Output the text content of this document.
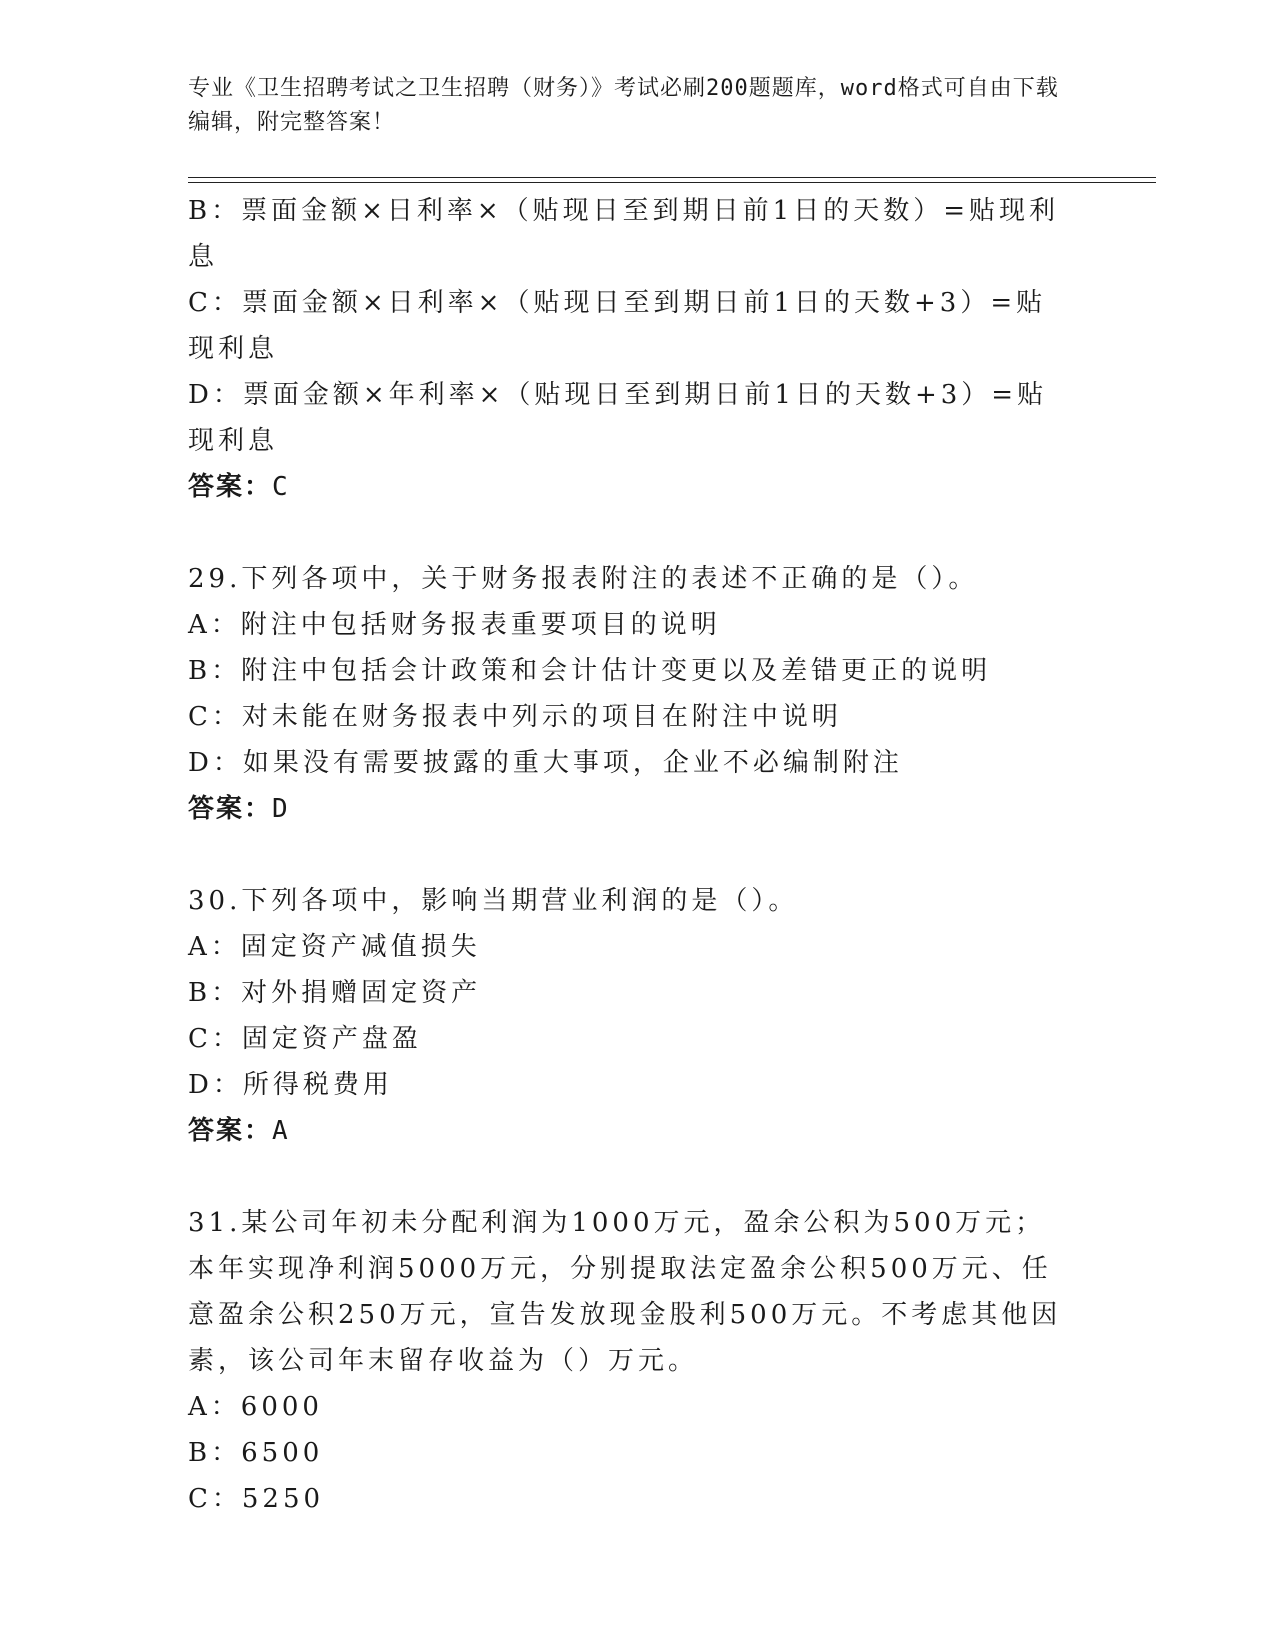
专业《卫生招聘考试之卫生招聘（财务）》考试必刷200题题库，word格式可自由下载编辑，附完整答案！

B：票面金额×日利率×（贴现日至到期日前1日的天数）=贴现利息

C：票面金额×日利率×（贴现日至到期日前1日的天数+3）=贴现利息

D：票面金额×年利率×（贴现日至到期日前1日的天数+3）=贴现利息

答案：C

29.下列各项中，关于财务报表附注的表述不正确的是（）。

A：附注中包括财务报表重要项目的说明

B：附注中包括会计政策和会计估计变更以及差错更正的说明

C：对未能在财务报表中列示的项目在附注中说明

D：如果没有需要披露的重大事项，企业不必编制附注

答案：D

30.下列各项中，影响当期营业利润的是（）。

A：固定资产减值损失

B：对外捐赠固定资产

C：固定资产盘盈

D：所得税费用

答案：A

31.某公司年初未分配利润为1000万元，盈余公积为500万元；本年实现净利润5000万元，分别提取法定盈余公积500万元、任意盈余公积250万元，宣告发放现金股利500万元。不考虑其他因素，该公司年末留存收益为（）万元。

A：6000

B：6500

C：5250
